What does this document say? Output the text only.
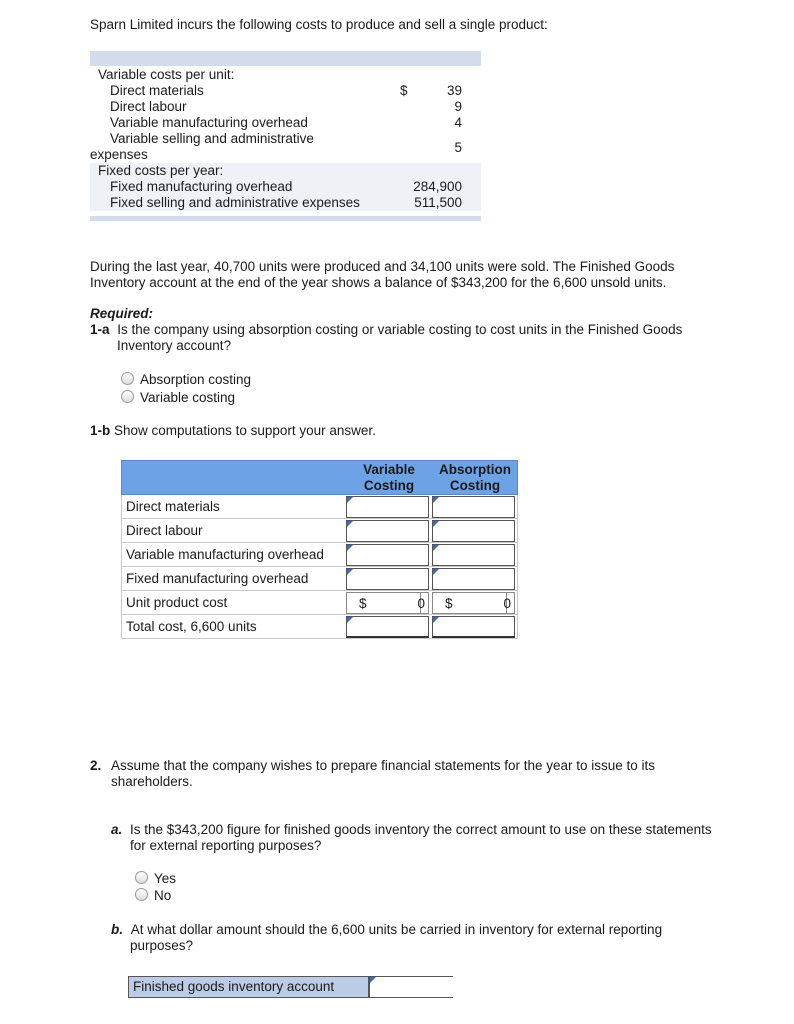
Sparn Limited incurs the following costs to produce and sell a single product:
Variable costs per unit:
Direct materials	$	39
Direct labour	9
Variable manufacturing overhead	4
Variable selling and administrative
expenses	5
Fixed costs per year:
Fixed manufacturing overhead	284,900
Fixed selling and administrative expenses	511,500
During the last year, 40,700 units were produced and 34,100 units were sold. The Finished Goods
Inventory account at the end of the year shows a balance of $343,200 for the 6,600 unsold units.
Required:
1-a Is the company using absorption costing or variable costing to cost units in the Finished Goods
Inventory account?
Absorption costing
Variable costing
1-b Show computations to support your answer.
Variable
Costing
Absorption
Costing
Direct materials
Direct labour
Variable manufacturing overhead
Fixed manufacturing overhead
Unit product cost	$	0 $	0
Total cost, 6,600 units
2. Assume that the company wishes to prepare financial statements for the year to issue to its
shareholders.
a. Is the $343,200 figure for finished goods inventory the correct amount to use on these statements
for external reporting purposes?
Yes
No
b. At what dollar amount should the 6,600 units be carried in inventory for external reporting
purposes?
Finished goods inventory account
